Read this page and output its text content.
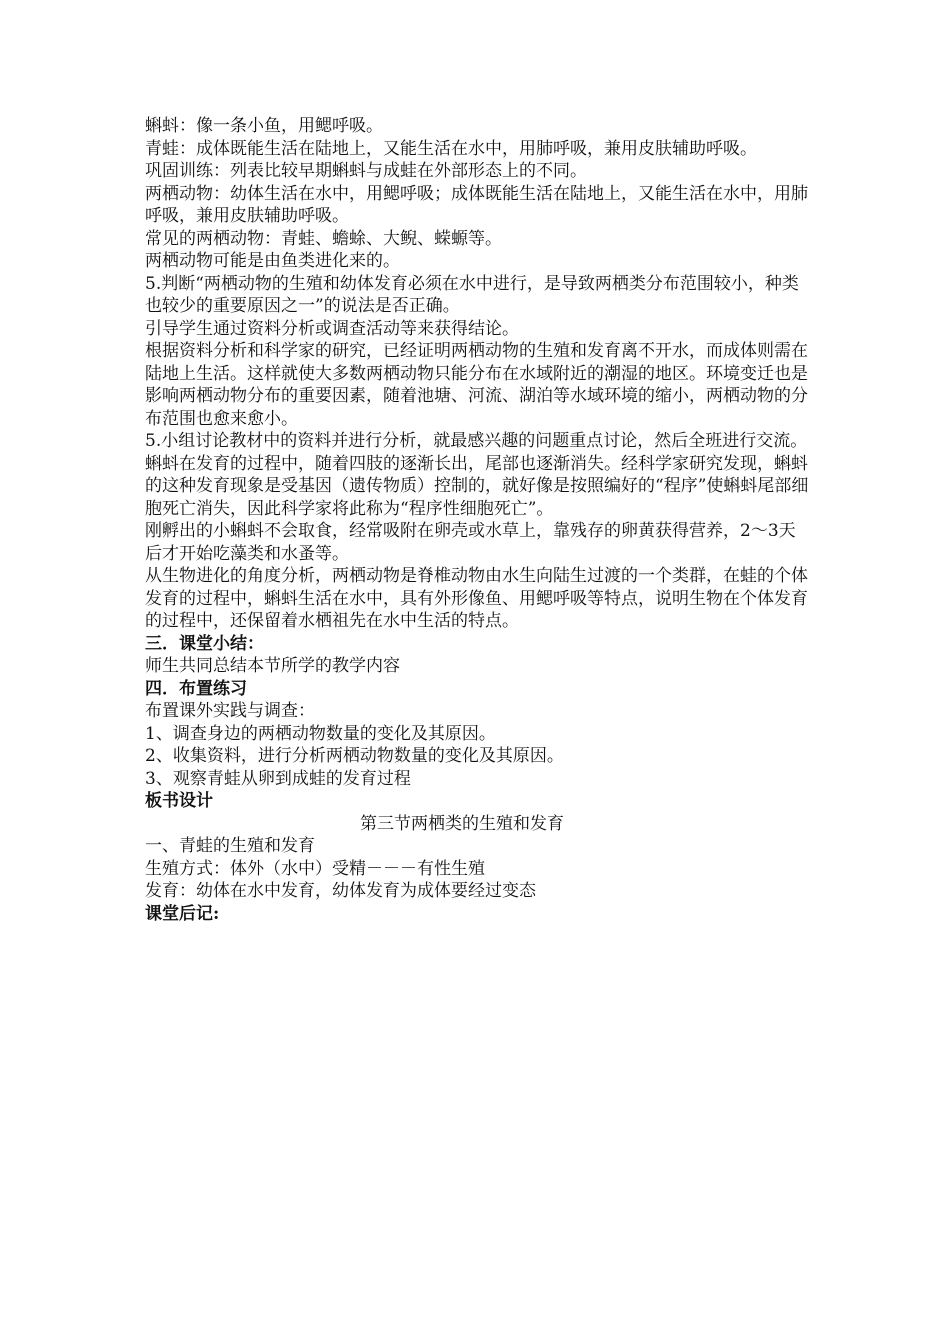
蝌蚪：像一条小鱼，用鳃呼吸。

青蛙：成体既能生活在陆地上，又能生活在水中，用肺呼吸，兼用皮肤辅助呼吸。

巩固训练：列表比较早期蝌蚪与成蛙在外部形态上的不同。

两栖动物：幼体生活在水中，用鳃呼吸；成体既能生活在陆地上，又能生活在水中，用肺呼吸，兼用皮肤辅助呼吸。

常见的两栖动物：青蛙、蟾蜍、大鲵、蝾螈等。

两栖动物可能是由鱼类进化来的。

5.判断“两栖动物的生殖和幼体发育必须在水中进行，是导致两栖类分布范围较小，种类也较少的重要原因之一”的说法是否正确。

引导学生通过资料分析或调查活动等来获得结论。

根据资料分析和科学家的研究，已经证明两栖动物的生殖和发育离不开水，而成体则需在陆地上生活。这样就使大多数两栖动物只能分布在水域附近的潮湿的地区。环境变迁也是影响两栖动物分布的重要因素，随着池塘、河流、湖泊等水域环境的缩小，两栖动物的分布范围也愈来愈小。

5.小组讨论教材中的资料并进行分析，就最感兴趣的问题重点讨论，然后全班进行交流。

蝌蚪在发育的过程中，随着四肢的逐渐长出，尾部也逐渐消失。经科学家研究发现，蝌蚪的这种发育现象是受基因（遗传物质）控制的，就好像是按照编好的“程序”使蝌蚪尾部细胞死亡消失，因此科学家将此称为“程序性细胞死亡”。

刚孵出的小蝌蚪不会取食，经常吸附在卵壳或水草上，靠残存的卵黄获得营养，2～3天后才开始吃藻类和水蚤等。

从生物进化的角度分析，两栖动物是脊椎动物由水生向陆生过渡的一个类群，在蛙的个体发育的过程中，蝌蚪生活在水中，具有外形像鱼、用鳃呼吸等特点，说明生物在个体发育的过程中，还保留着水栖祖先在水中生活的特点。

三．课堂小结：

师生共同总结本节所学的教学内容

四．布置练习

布置课外实践与调查：

1、调查身边的两栖动物数量的变化及其原因。

2、收集资料，进行分析两栖动物数量的变化及其原因。

3、观察青蛙从卵到成蛙的发育过程

板书设计

第三节两栖类的生殖和发育

一、青蛙的生殖和发育

生殖方式：体外（水中）受精－－－有性生殖

发育：幼体在水中发育，幼体发育为成体要经过变态

课堂后记:
